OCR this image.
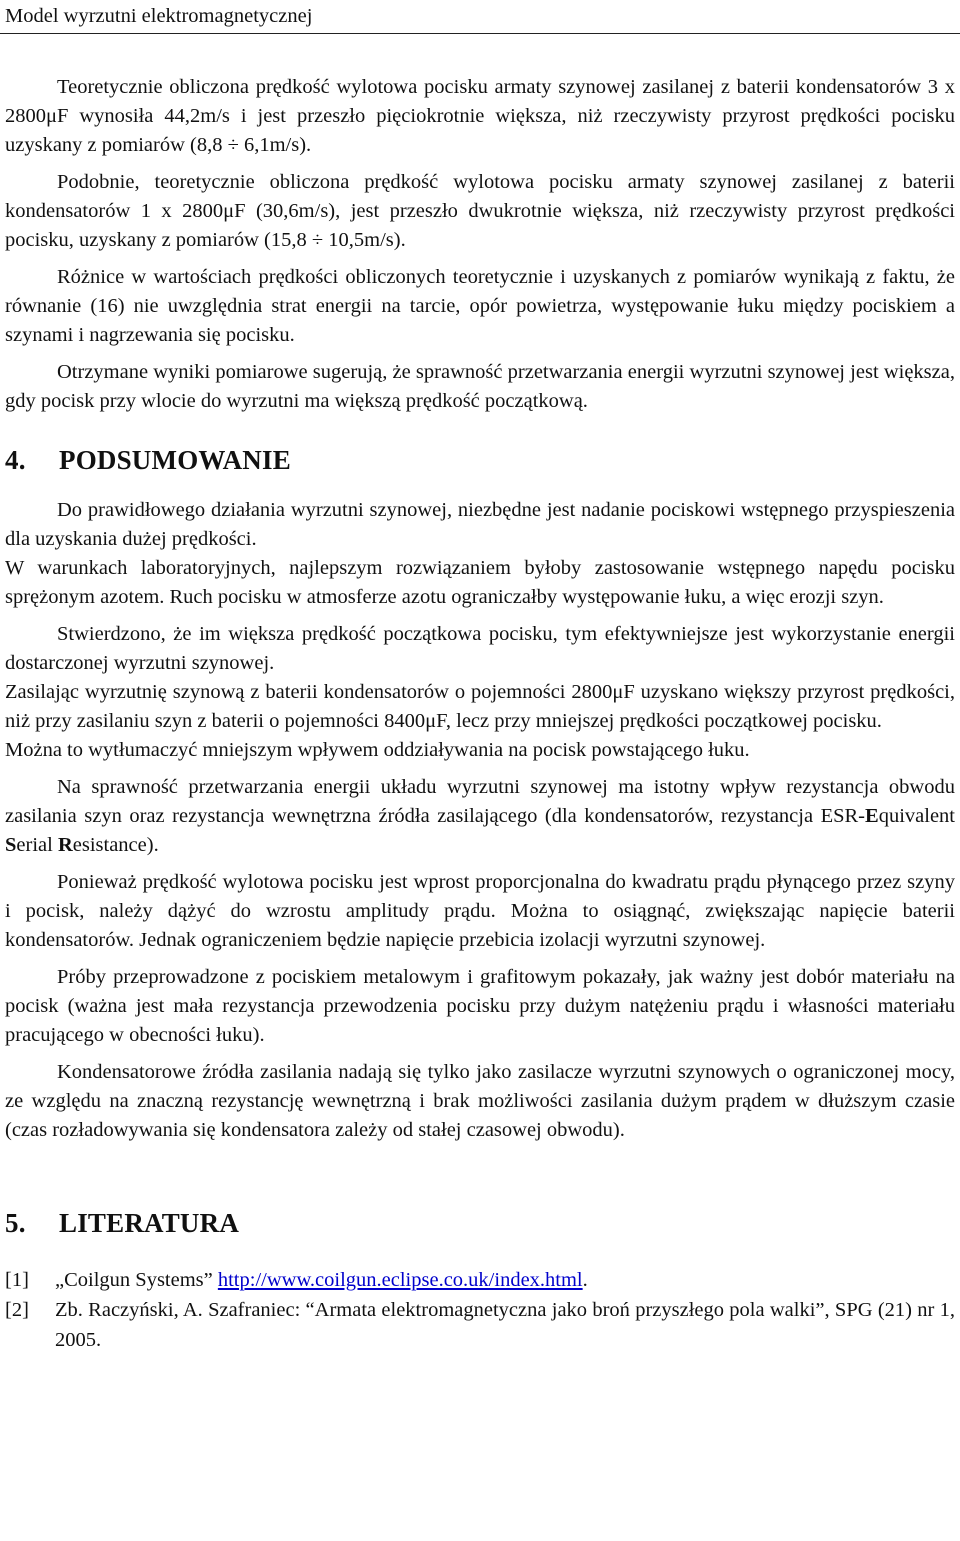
Model wyrzutni elektromagnetycznej

Teoretycznie obliczona prędkość wylotowa pocisku armaty szynowej zasilanej z baterii kondensatorów 3 x 2800μF wynosiła 44,2m/s i jest przeszło pięciokrotnie większa, niż rzeczywisty przyrost prędkości pocisku uzyskany z pomiarów (8,8 ÷ 6,1m/s).

Podobnie, teoretycznie obliczona prędkość wylotowa pocisku armaty szynowej zasilanej z baterii kondensatorów 1 x 2800μF (30,6m/s), jest przeszło dwukrotnie większa, niż rzeczywisty przyrost prędkości pocisku, uzyskany z pomiarów (15,8 ÷ 10,5m/s).

Różnice w wartościach prędkości obliczonych teoretycznie i uzyskanych z pomiarów wynikają z faktu, że równanie (16) nie uwzględnia strat energii na tarcie, opór powietrza, występowanie łuku między pociskiem a szynami i nagrzewania się pocisku.

Otrzymane wyniki pomiarowe sugerują, że sprawność przetwarzania energii wyrzutni szynowej jest większa, gdy pocisk przy wlocie do wyrzutni ma większą prędkość początkową.

4. PODSUMOWANIE

Do prawidłowego działania wyrzutni szynowej, niezbędne jest nadanie pociskowi wstępnego przyspieszenia dla uzyskania dużej prędkości.

W warunkach laboratoryjnych, najlepszym rozwiązaniem byłoby zastosowanie wstępnego napędu pocisku sprężonym azotem. Ruch pocisku w atmosferze azotu ograniczałby występowanie łuku, a więc erozji szyn.

Stwierdzono, że im większa prędkość początkowa pocisku, tym efektywniejsze jest wykorzystanie energii dostarczonej wyrzutni szynowej.

Zasilając wyrzutnię szynową z baterii kondensatorów o pojemności 2800μF uzyskano większy przyrost prędkości, niż przy zasilaniu szyn z baterii o pojemności 8400μF, lecz przy mniejszej prędkości początkowej pocisku.

Można to wytłumaczyć mniejszym wpływem oddziaływania na pocisk powstającego łuku.

Na sprawność przetwarzania energii układu wyrzutni szynowej ma istotny wpływ rezystancja obwodu zasilania szyn oraz rezystancja wewnętrzna źródła zasilającego (dla kondensatorów, rezystancja ESR-Equivalent Serial Resistance).

Ponieważ prędkość wylotowa pocisku jest wprost proporcjonalna do kwadratu prądu płynącego przez szyny i pocisk, należy dążyć do wzrostu amplitudy prądu. Można to osiągnąć, zwiększając napięcie baterii kondensatorów. Jednak ograniczeniem będzie napięcie przebicia izolacji wyrzutni szynowej.

Próby przeprowadzone z pociskiem metalowym i grafitowym pokazały, jak ważny jest dobór materiału na pocisk (ważna jest mała rezystancja przewodzenia pocisku przy dużym natężeniu prądu i własności materiału pracującego w obecności łuku).

Kondensatorowe źródła zasilania nadają się tylko jako zasilacze wyrzutni szynowych o ograniczonej mocy, ze względu na znaczną rezystancję wewnętrzną i brak możliwości zasilania dużym prądem w dłuższym czasie (czas rozładowywania się kondensatora zależy od stałej czasowej obwodu).

5. LITERATURA
[1]	„Coilgun Systems” http://www.coilgun.eclipse.co.uk/index.html.
[2]	Zb. Raczyński, A. Szafraniec: “Armata elektromagnetyczna jako broń przyszłego pola walki”, SPG (21) nr 1, 2005.
